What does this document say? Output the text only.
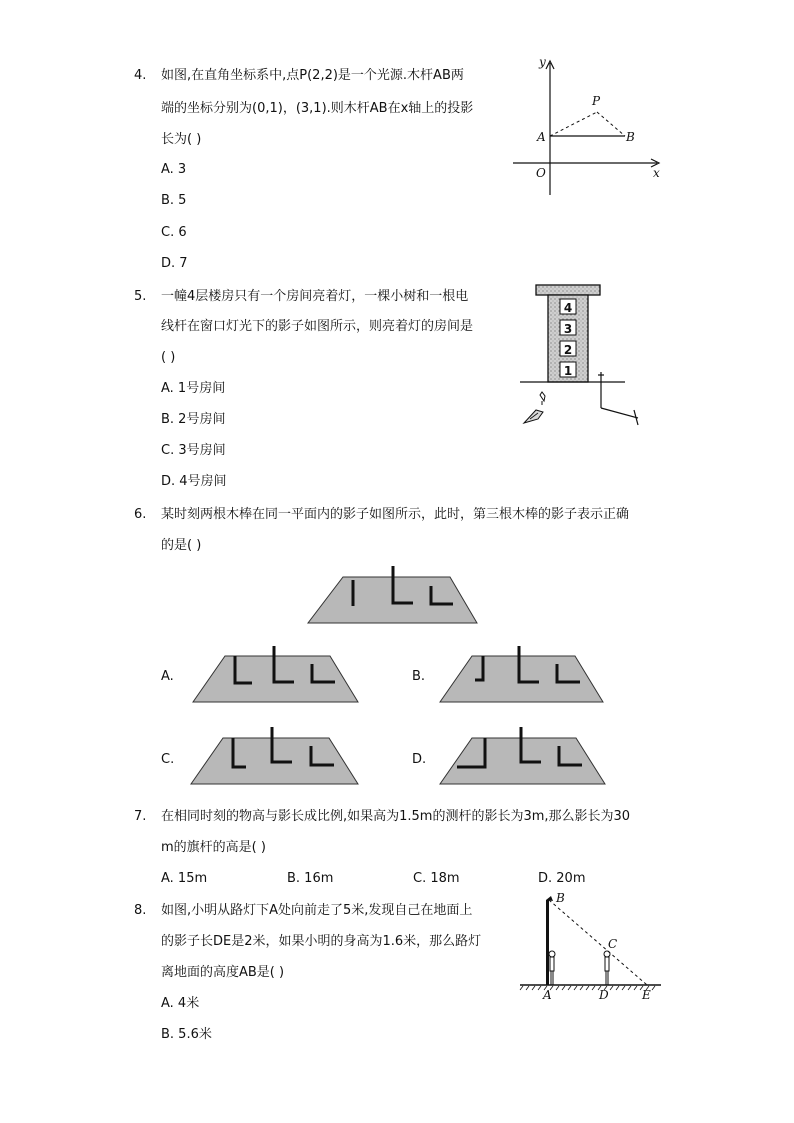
4. 如图,在直角坐标系中,点P(2,2)是一个光源.木杆AB两
端的坐标分别为(0,1)，(3,1).则木杆AB在x轴上的投影
长为( )
A. 3
B. 5
C. 6
D. 7
y
x
P
A	B
O
5. 一幢4层楼房只有一个房间亮着灯，一棵小树和一根电
线杆在窗口灯光下的影子如图所示，则亮着灯的房间是
( )
A. 1号房间
B. 2号房间
C. 3号房间
D. 4号房间
4
3
2
1
6. 某时刻两根木棒在同一平面内的影子如图所示，此时，第三根木棒的影子表示正确
的是( )
A.	B.
C.	D.
7. 在相同时刻的物高与影长成比例,如果高为1.5m的测杆的影长为3m,那么影长为30
m的旗杆的高是( )
A. 15m	B. 16m	C. 18m	D. 20m
8. 如图,小明从路灯下A处向前走了5米,发现自己在地面上
的影子长DE是2米，如果小明的身高为1.6米，那么路灯
离地面的高度AB是( )
A. 4米
B. 5.6米
B
C
A	D	E
